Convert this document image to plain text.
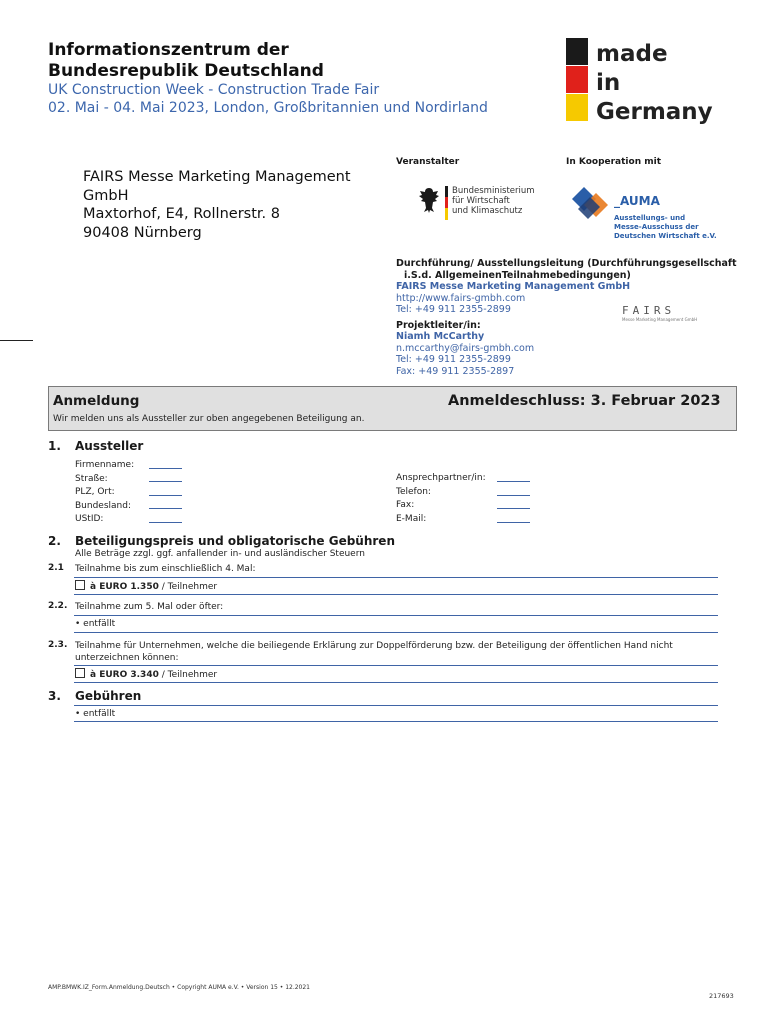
Informationszentrum der
Bundesrepublik Deutschland
UK Construction Week - Construction Trade Fair
02. Mai - 04. Mai 2023, London, Großbritannien und Nordirland
made
in
Germany
FAIRS Messe Marketing Management
GmbH
Maxtorhof, E4, Rollnerstr. 8
90408 Nürnberg
Veranstalter	In Kooperation mit
Bundesministerium
für Wirtschaft
und Klimaschutz
_AUMA
Ausstellungs- und
Messe-Ausschuss der
Deutschen Wirtschaft e.V.
Durchführung/ Ausstellungsleitung (Durchführungsgesellschaft
i.S.d. AllgemeinenTeilnahmebedingungen)
FAIRS Messe Marketing Management GmbH
http://www.fairs-gmbh.com
Tel: +49 911 2355-2899
Projektleiter/in:
Niamh McCarthy
n.mccarthy@fairs-gmbh.com
Tel: +49 911 2355-2899
Fax: +49 911 2355-2897
FAIRS
Messe Marketing Management GmbH
Anmeldung	Anmeldeschluss: 3. Februar 2023
Wir melden uns als Aussteller zur oben angegebenen Beteiligung an.
1. Aussteller
Firmenname:
Straße:
PLZ, Ort:
Bundesland:
UStID:
Ansprechpartner/in:
Telefon:
Fax:
E-Mail:
2. Beteiligungspreis und obligatorische Gebühren
Alle Beträge zzgl. ggf. anfallender in- und ausländischer Steuern
2.1 Teilnahme bis zum einschließlich 4. Mal:
à EURO 1.350 / Teilnehmer
2.2. Teilnahme zum 5. Mal oder öfter:
• entfällt
2.3. Teilnahme für Unternehmen, welche die beiliegende Erklärung zur Doppelförderung bzw. der Beteiligung der öffentlichen Hand nicht
unterzeichnen können:
à EURO 3.340 / Teilnehmer
3. Gebühren
• entfällt
AMP.BMWK.IZ_Form.Anmeldung.Deutsch • Copyright AUMA e.V. • Version 15 • 12.2021
217693
